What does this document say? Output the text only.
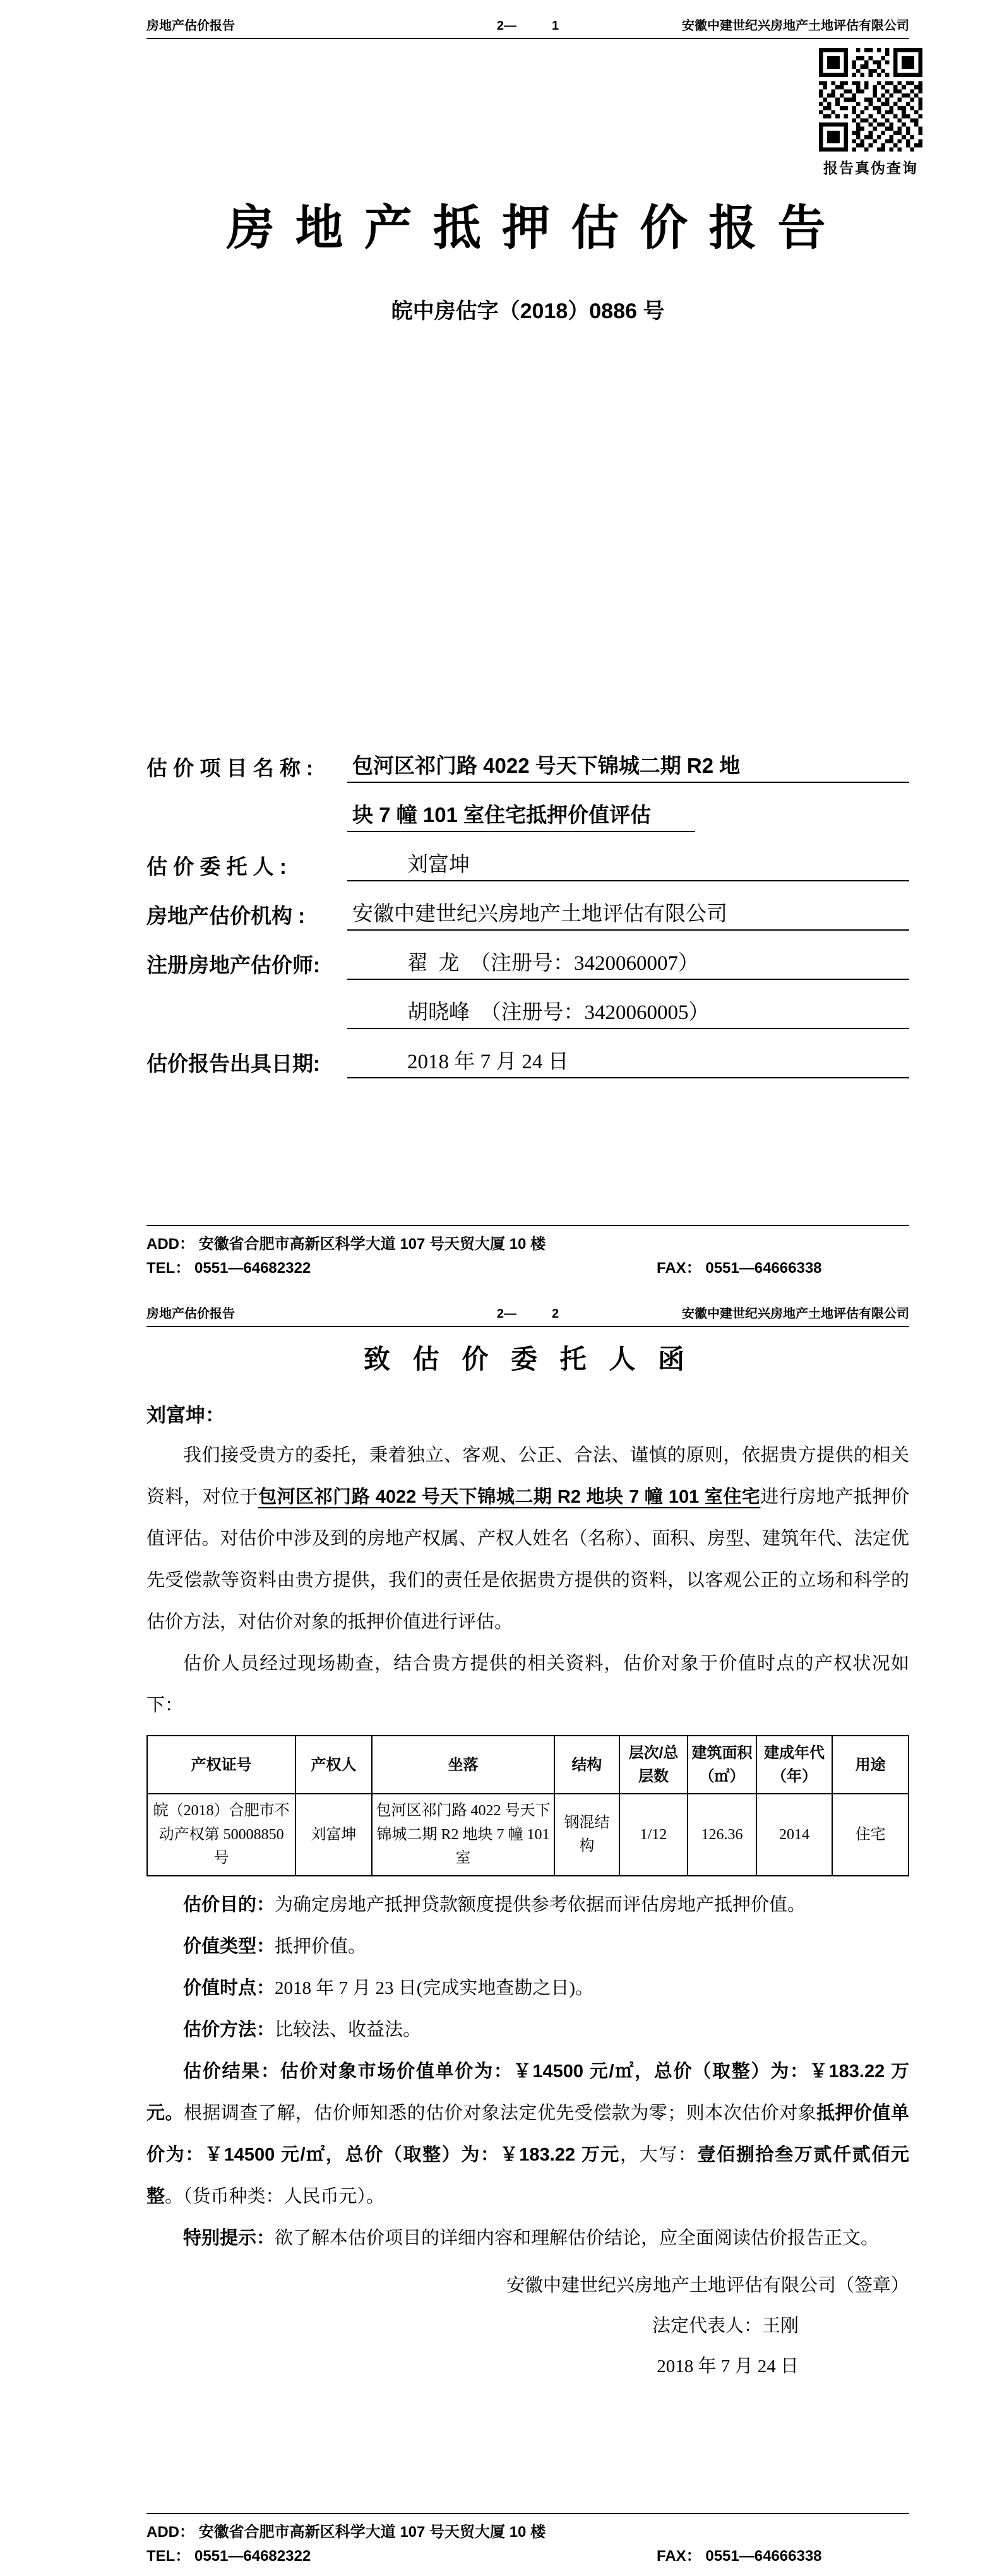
房地产估价报告	2—	1	安徽中建世纪兴房地产土地评估有限公司
报告真伪查询
房 地 产 抵 押 估 价 报 告
皖中房估字（2018）0886 号
估 价 项 目 名 称 :	包河区祁门路 4022 号天下锦城二期 R2 地
块 7 幢 101 室住宅抵押价值评估
估 价 委 托 人 :	刘富坤
房地产估价机构 :	安徽中建世纪兴房地产土地评估有限公司
注册房地产估价师:	翟  龙  （注册号：3420060007）
胡晓峰  （注册号：3420060005）
估价报告出具日期:	2018 年 7 月 24 日
ADD： 安徽省合肥市高新区科学大道 107 号天贸大厦 10 楼
TEL： 0551—64682322	FAX： 0551—64666338
房地产估价报告	2—	2	安徽中建世纪兴房地产土地评估有限公司
致 估 价 委 托 人 函
刘富坤：

我们接受贵方的委托，秉着独立、客观、公正、合法、谨慎的原则，依据贵方提供的相关资料，对位于包河区祁门路 4022 号天下锦城二期 R2 地块 7 幢 101 室住宅进行房地产抵押价值评估。对估价中涉及到的房地产权属、产权人姓名（名称）、面积、房型、建筑年代、法定优先受偿款等资料由贵方提供，我们的责任是依据贵方提供的资料，以客观公正的立场和科学的估价方法，对估价对象的抵押价值进行评估。

估价人员经过现场勘查，结合贵方提供的相关资料，估价对象于价值时点的产权状况如下：

产权证号	产权人	坐落	结构	层次/总层数	建筑面积（㎡）	建成年代（年）	用途
皖（2018）合肥市不动产权第 50008850 号	刘富坤	包河区祁门路 4022 号天下锦城二期 R2 地块 7 幢 101 室	钢混结构	1/12	126.36	2014	住宅

估价目的：为确定房地产抵押贷款额度提供参考依据而评估房地产抵押价值。

价值类型：抵押价值。

价值时点：2018 年 7 月 23 日(完成实地查勘之日)。

估价方法：比较法、收益法。

估价结果：估价对象市场价值单价为：￥14500 元/㎡，总价（取整）为：￥183.22 万元。根据调查了解，估价师知悉的估价对象法定优先受偿款为零；则本次估价对象抵押价值单价为：￥14500 元/㎡，总价（取整）为：￥183.22 万元，大写：壹佰捌拾叁万贰仟贰佰元整。（货币种类：人民币元）。

特别提示：欲了解本估价项目的详细内容和理解估价结论，应全面阅读估价报告正文。

安徽中建世纪兴房地产土地评估有限公司（签章）
法定代表人：王刚
2018 年 7 月 24 日
ADD： 安徽省合肥市高新区科学大道 107 号天贸大厦 10 楼
TEL： 0551—64682322	FAX： 0551—64666338
